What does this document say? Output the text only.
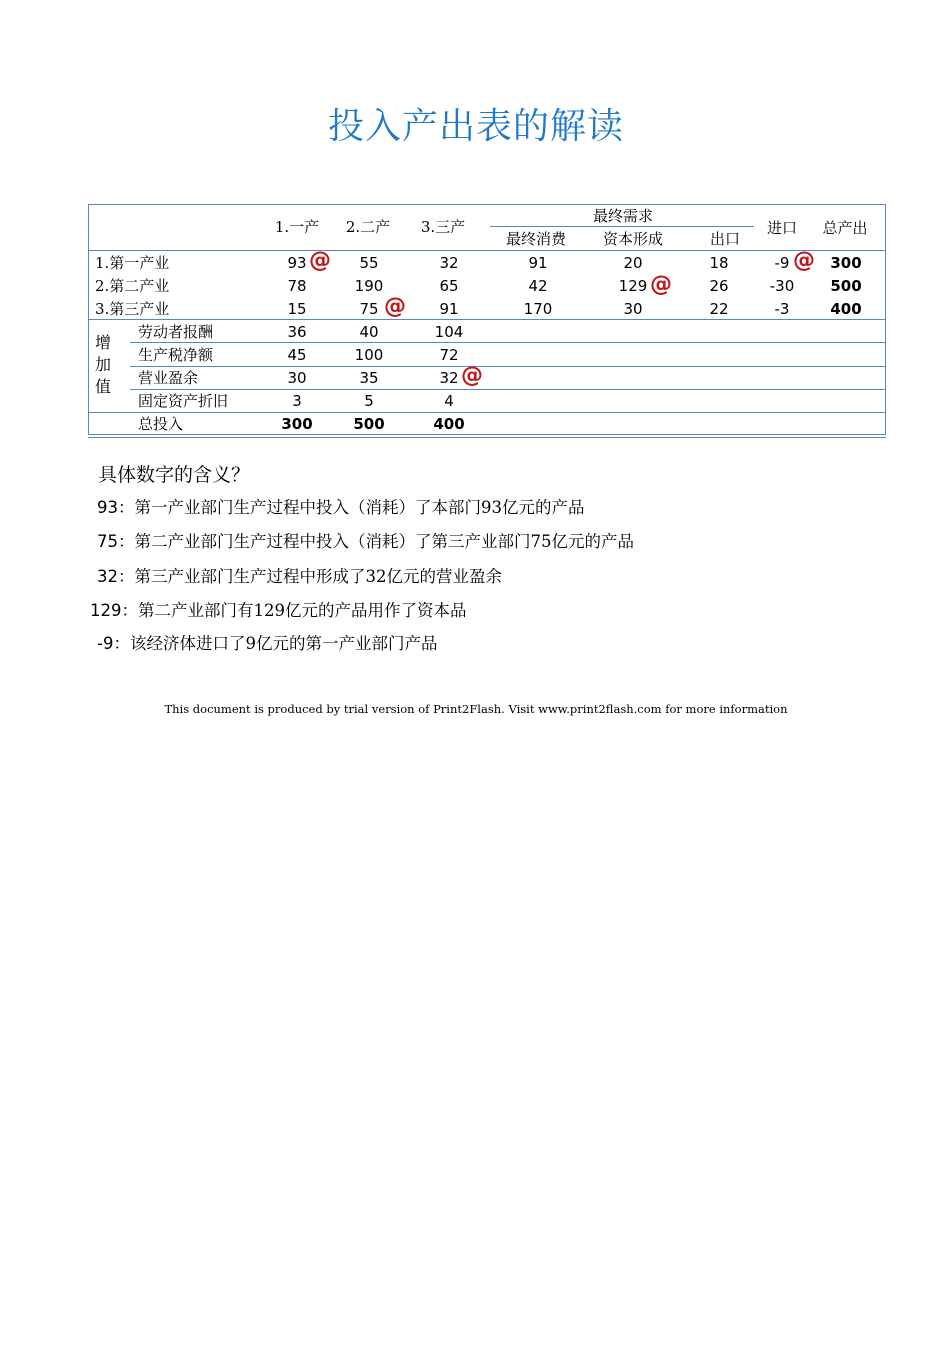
投入产出表的解读
1.一产 2.二产 3.三产
最终需求
最终消费 资本形成	出口
进口 总产出
1.第一产业	93	55	32	91	20	18	-9	300
2.第二产业	78	190	65	42	129	26	-30 500
3.第三产业	15	75	91	170	30	22	-3	400
增加值
劳动者报酬	36	40	104
生产税净额	45	100	72
营业盈余	30	35	32
固定资产折旧	3	5	4
总投入	300	500	400
@	@
@
@
@
具体数字的含义？
93：第一产业部门生产过程中投入（消耗）了本部门93亿元的产品
75：第二产业部门生产过程中投入（消耗）了第三产业部门75亿元的产品
32：第三产业部门生产过程中形成了32亿元的营业盈余
129：第二产业部门有129亿元的产品用作了资本品
-9：该经济体进口了9亿元的第一产业部门产品
This document is produced by trial version of Print2Flash. Visit www.print2flash.com for more information
